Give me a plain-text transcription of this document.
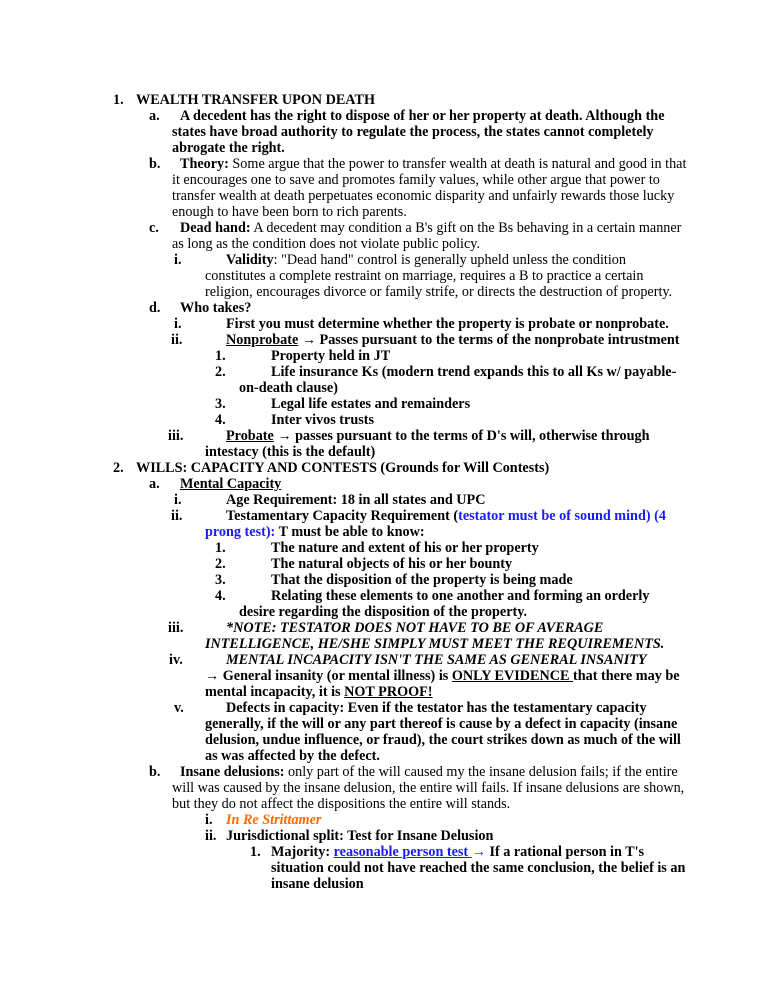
1. WEALTH TRANSFER UPON DEATH
a. A decedent has the right to dispose of her or her property at death. Although the
states have broad authority to regulate the process, the states cannot completely
abrogate the right.
b. Theory: Some argue that the power to transfer wealth at death is natural and good in that
it encourages one to save and promotes family values, while other argue that power to
transfer wealth at death perpetuates economic disparity and unfairly rewards those lucky
enough to have been born to rich parents.
c. Dead hand: A decedent may condition a B's gift on the Bs behaving in a certain manner
as long as the condition does not violate public policy.
i.	Validity: "Dead hand" control is generally upheld unless the condition
constitutes a complete restraint on marriage, requires a B to practice a certain
religion, encourages divorce or family strife, or directs the destruction of property.
d. Who takes?
i.	First you must determine whether the property is probate or nonprobate.
ii.	Nonprobate → Passes pursuant to the terms of the nonprobate intrustment
1.	Property held in JT
2.	Life insurance Ks (modern trend expands this to all Ks w/ payable-
on-death clause)
3.	Legal life estates and remainders
4.	Inter vivos trusts
iii.	Probate → passes pursuant to the terms of D's will, otherwise through
intestacy (this is the default)
2. WILLS: CAPACITY AND CONTESTS (Grounds for Will Contests)
a. Mental Capacity
i.	Age Requirement: 18 in all states and UPC
ii.	Testamentary Capacity Requirement (testator must be of sound mind) (4
prong test): T must be able to know:
1.	The nature and extent of his or her property
2.	The natural objects of his or her bounty
3.	That the disposition of the property is being made
4.	Relating these elements to one another and forming an orderly
desire regarding the disposition of the property.
iii.	*NOTE: TESTATOR DOES NOT HAVE TO BE OF AVERAGE
INTELLIGENCE, HE/SHE SIMPLY MUST MEET THE REQUIREMENTS.
iv.	MENTAL INCAPACITY ISN'T THE SAME AS GENERAL INSANITY
→ General insanity (or mental illness) is ONLY EVIDENCE that there may be
mental incapacity, it is NOT PROOF!
v.	Defects in capacity: Even if the testator has the testamentary capacity
generally, if the will or any part thereof is cause by a defect in capacity (insane
delusion, undue influence, or fraud), the court strikes down as much of the will
as was affected by the defect.
b. Insane delusions: only part of the will caused my the insane delusion fails; if the entire
will was caused by the insane delusion, the entire will fails. If insane delusions are shown,
but they do not affect the dispositions the entire will stands.
i. In Re Strittamer
ii. Jurisdictional split: Test for Insane Delusion
1. Majority: reasonable person test → If a rational person in T's
situation could not have reached the same conclusion, the belief is an
insane delusion
